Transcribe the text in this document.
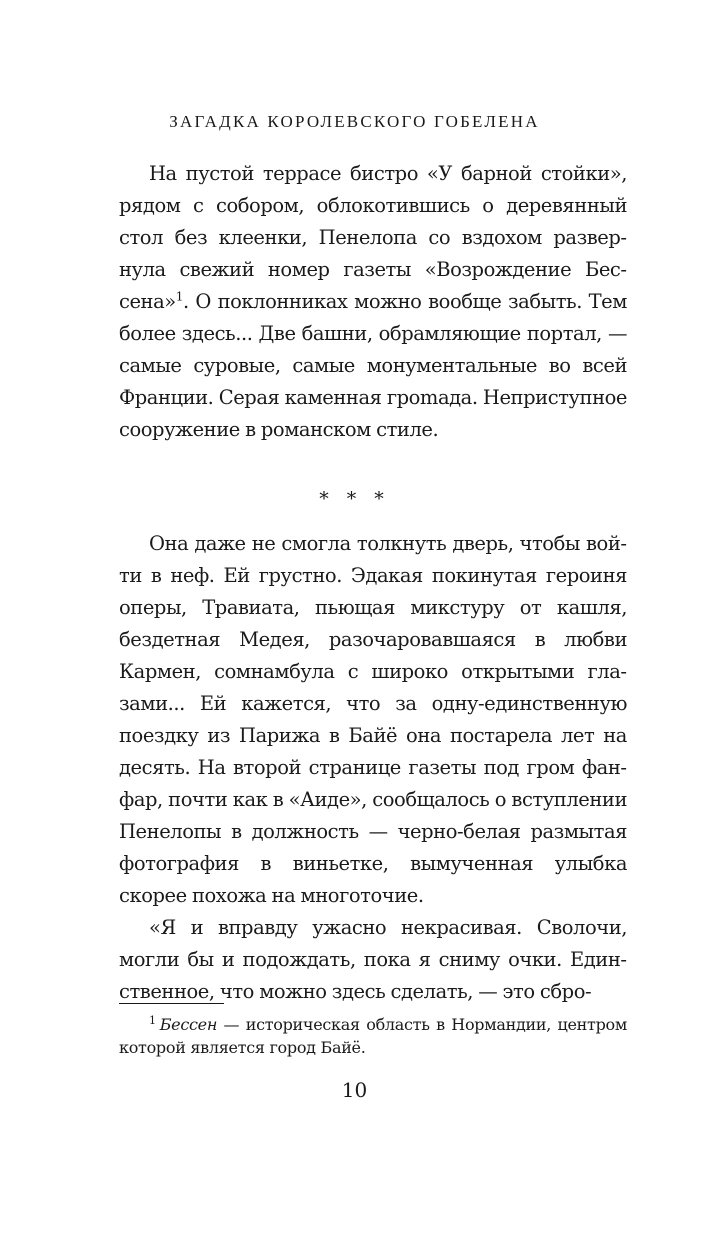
ЗАГАДКА КОРОЛЕВСКОГО ГОБЕЛЕНА

На пустой террасе бистро «У барной стойки», рядом с собором, облокотившись о деревянный стол без клеенки, Пенелопа со вздохом развернула свежий номер газеты «Возрождение Бессена»$^1$. О поклонниках можно вообще забыть. Тем более здесь... Две башни, обрамляющие портал, — самые суровые, самые монументальные во всей Франции. Серая каменная гроmада. Неприступное сооружение в романском стиле.

* * *

Она даже не смогла толкнуть дверь, чтобы войти в неф. Ей грустно. Эдакая покинутая героиня оперы, Травиата, пьющая микстуру от кашля, бездетная Медея, разочаровавшаяся в любви Кармен, сомнамбула с широко открытыми глазами... Ей кажется, что за одну-единственную поездку из Парижа в Байё она постарела лет на десять. На второй странице газеты под гром фанфар, почти как в «Аиде», сообщалось о вступлении Пенелопы в должность — черно-белая размытая фотография в виньетке, вымученная улыбка скорее похожа на многоточие.

«Я и вправду ужасно некрасивая. Сволочи, могли бы и подождать, пока я сниму очки. Единственное, что можно здесь сделать, — это сбро-

$^1$ Бессен — историческая область в Нормандии, центром которой является город Байё.
10
